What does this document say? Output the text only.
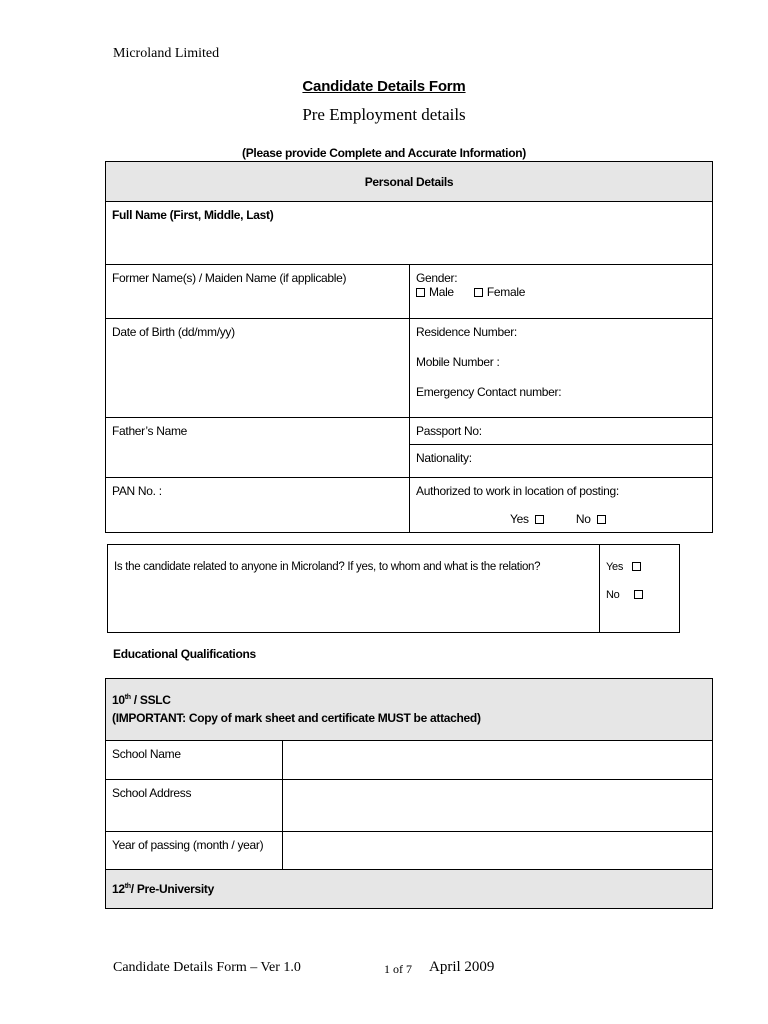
Microland Limited
Candidate Details Form
Pre Employment details
(Please provide Complete and Accurate Information)
Personal Details	
Full Name (First, Middle, Last)	
Former Name(s) / Maiden Name (if applicable)	Gender:
Male Female

Date of Birth (dd/mm/yy)	Residence Number:
Mobile Number :
Emergency Contact number:

Father’s Name	Passport No:
	Nationality:
PAN No. :	Authorized to work in location of posting:
Yes No
Is the candidate related to anyone in Microland? If yes, to whom and what is the relation?	Yes
No
Educational Qualifications
10th / SSLC
(IMPORTANT: Copy of mark sheet and certificate MUST be attached)	

School Name	
School Address	
Year of passing (month / year)	
12th/ Pre-University	
Candidate Details Form – Ver 1.0	1 of 7 April 2009
